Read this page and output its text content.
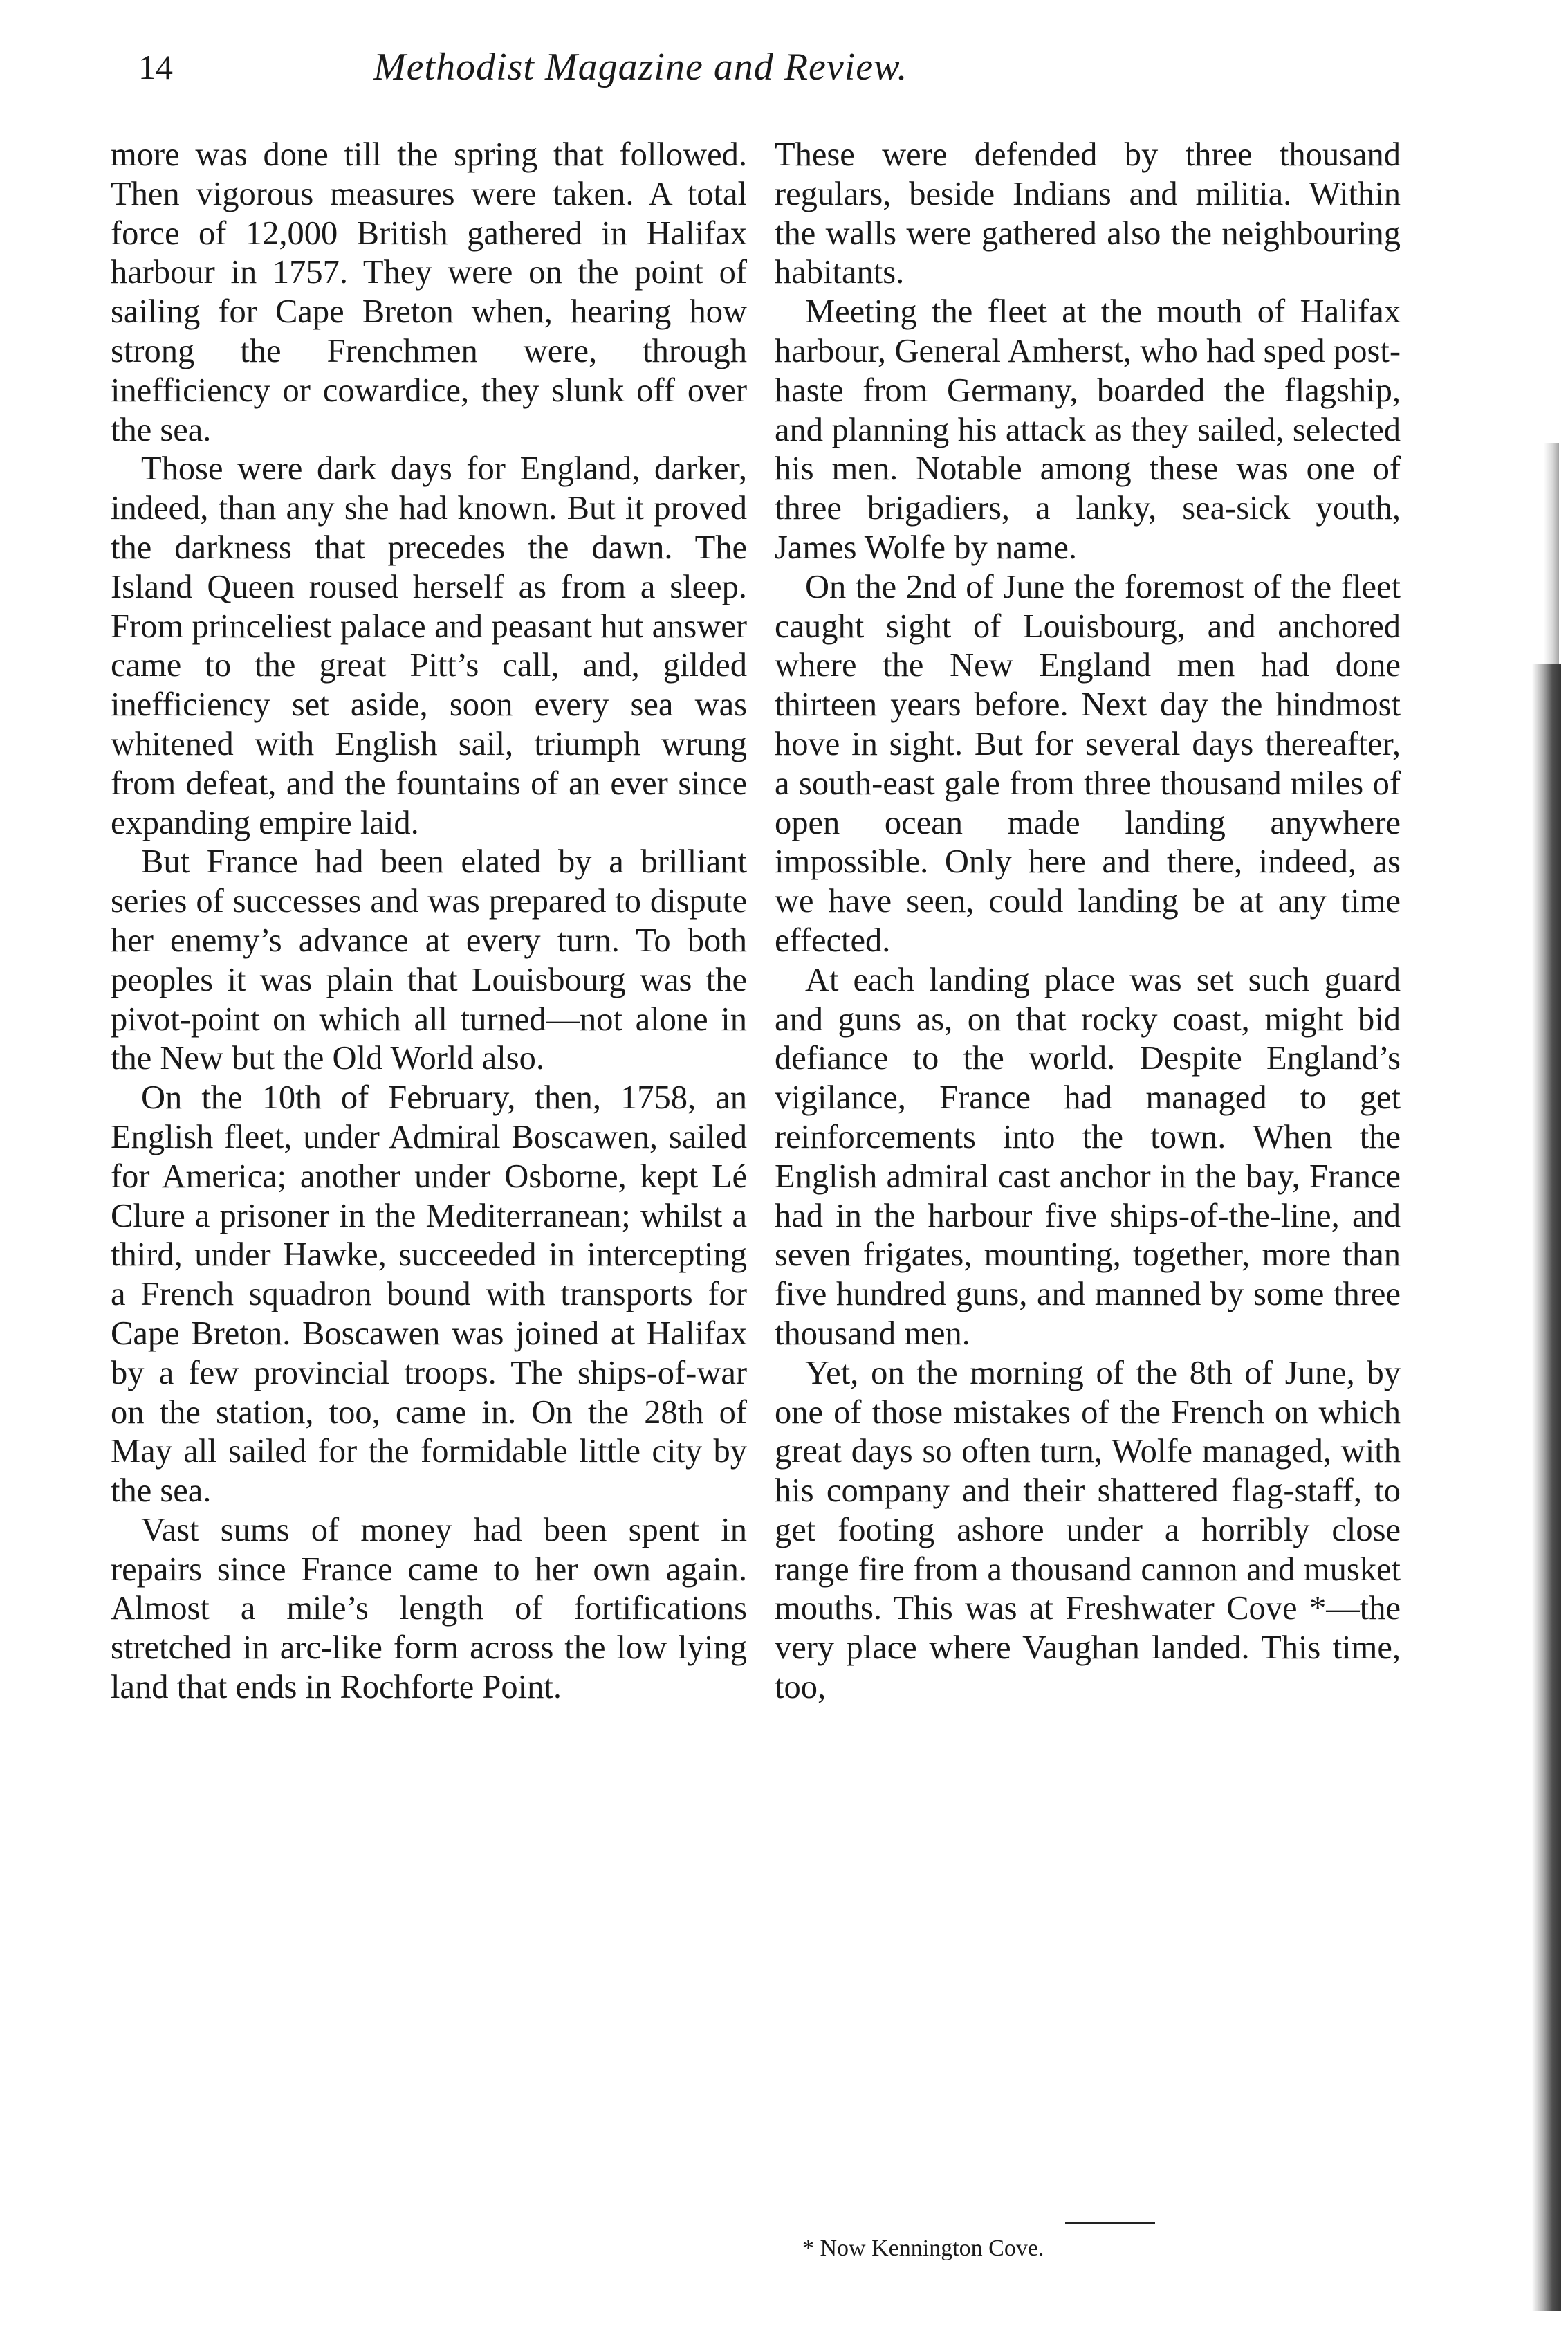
14	Methodist Magazine and Review.

more was done till the spring that followed. Then vigorous measures were taken. A total force of 12,000 British gathered in Halifax harbour in 1757. They were on the point of sailing for Cape Breton when, hearing how strong the Frenchmen were, through inefficiency or cowardice, they slunk off over the sea.

Those were dark days for England, darker, indeed, than any she had known. But it proved the darkness that precedes the dawn. The Island Queen roused herself as from a sleep. From princeliest palace and peasant hut answer came to the great Pitt’s call, and, gilded inefficiency set aside, soon every sea was whitened with English sail, triumph wrung from defeat, and the fountains of an ever since expanding empire laid.

But France had been elated by a brilliant series of successes and was prepared to dispute her enemy’s advance at every turn. To both peoples it was plain that Louisbourg was the pivot-point on which all turned—not alone in the New but the Old World also.

On the 10th of February, then, 1758, an English fleet, under Admiral Boscawen, sailed for America; another under Osborne, kept Lé Clure a prisoner in the Mediterranean; whilst a third, under Hawke, succeeded in intercepting a French squadron bound with transports for Cape Breton. Boscawen was joined at Halifax by a few provincial troops. The ships-of-war on the station, too, came in. On the 28th of May all sailed for the formidable little city by the sea.

Vast sums of money had been spent in repairs since France came to her own again. Almost a mile’s length of fortifications stretched in arc-like form across the low lying land that ends in Rochforte Point.

These were defended by three thousand regulars, beside Indians and militia. Within the walls were gathered also the neighbouring habitants.

Meeting the fleet at the mouth of Halifax harbour, General Amherst, who had sped post-haste from Germany, boarded the flagship, and planning his attack as they sailed, selected his men. Notable among these was one of three brigadiers, a lanky, sea-sick youth, James Wolfe by name.

On the 2nd of June the foremost of the fleet caught sight of Louisbourg, and anchored where the New England men had done thirteen years before. Next day the hindmost hove in sight. But for several days thereafter, a south-east gale from three thousand miles of open ocean made landing anywhere impossible. Only here and there, indeed, as we have seen, could landing be at any time effected.

At each landing place was set such guard and guns as, on that rocky coast, might bid defiance to the world. Despite England’s vigilance, France had managed to get reinforcements into the town. When the English admiral cast anchor in the bay, France had in the harbour five ships-of-the-line, and seven frigates, mounting, together, more than five hundred guns, and manned by some three thousand men.

Yet, on the morning of the 8th of June, by one of those mistakes of the French on which great days so often turn, Wolfe managed, with his company and their shattered flag-staff, to get footing ashore under a horribly close range fire from a thousand cannon and musket mouths. This was at Freshwater Cove *—the very place where Vaughan landed. This time, too,

* Now Kennington Cove.
